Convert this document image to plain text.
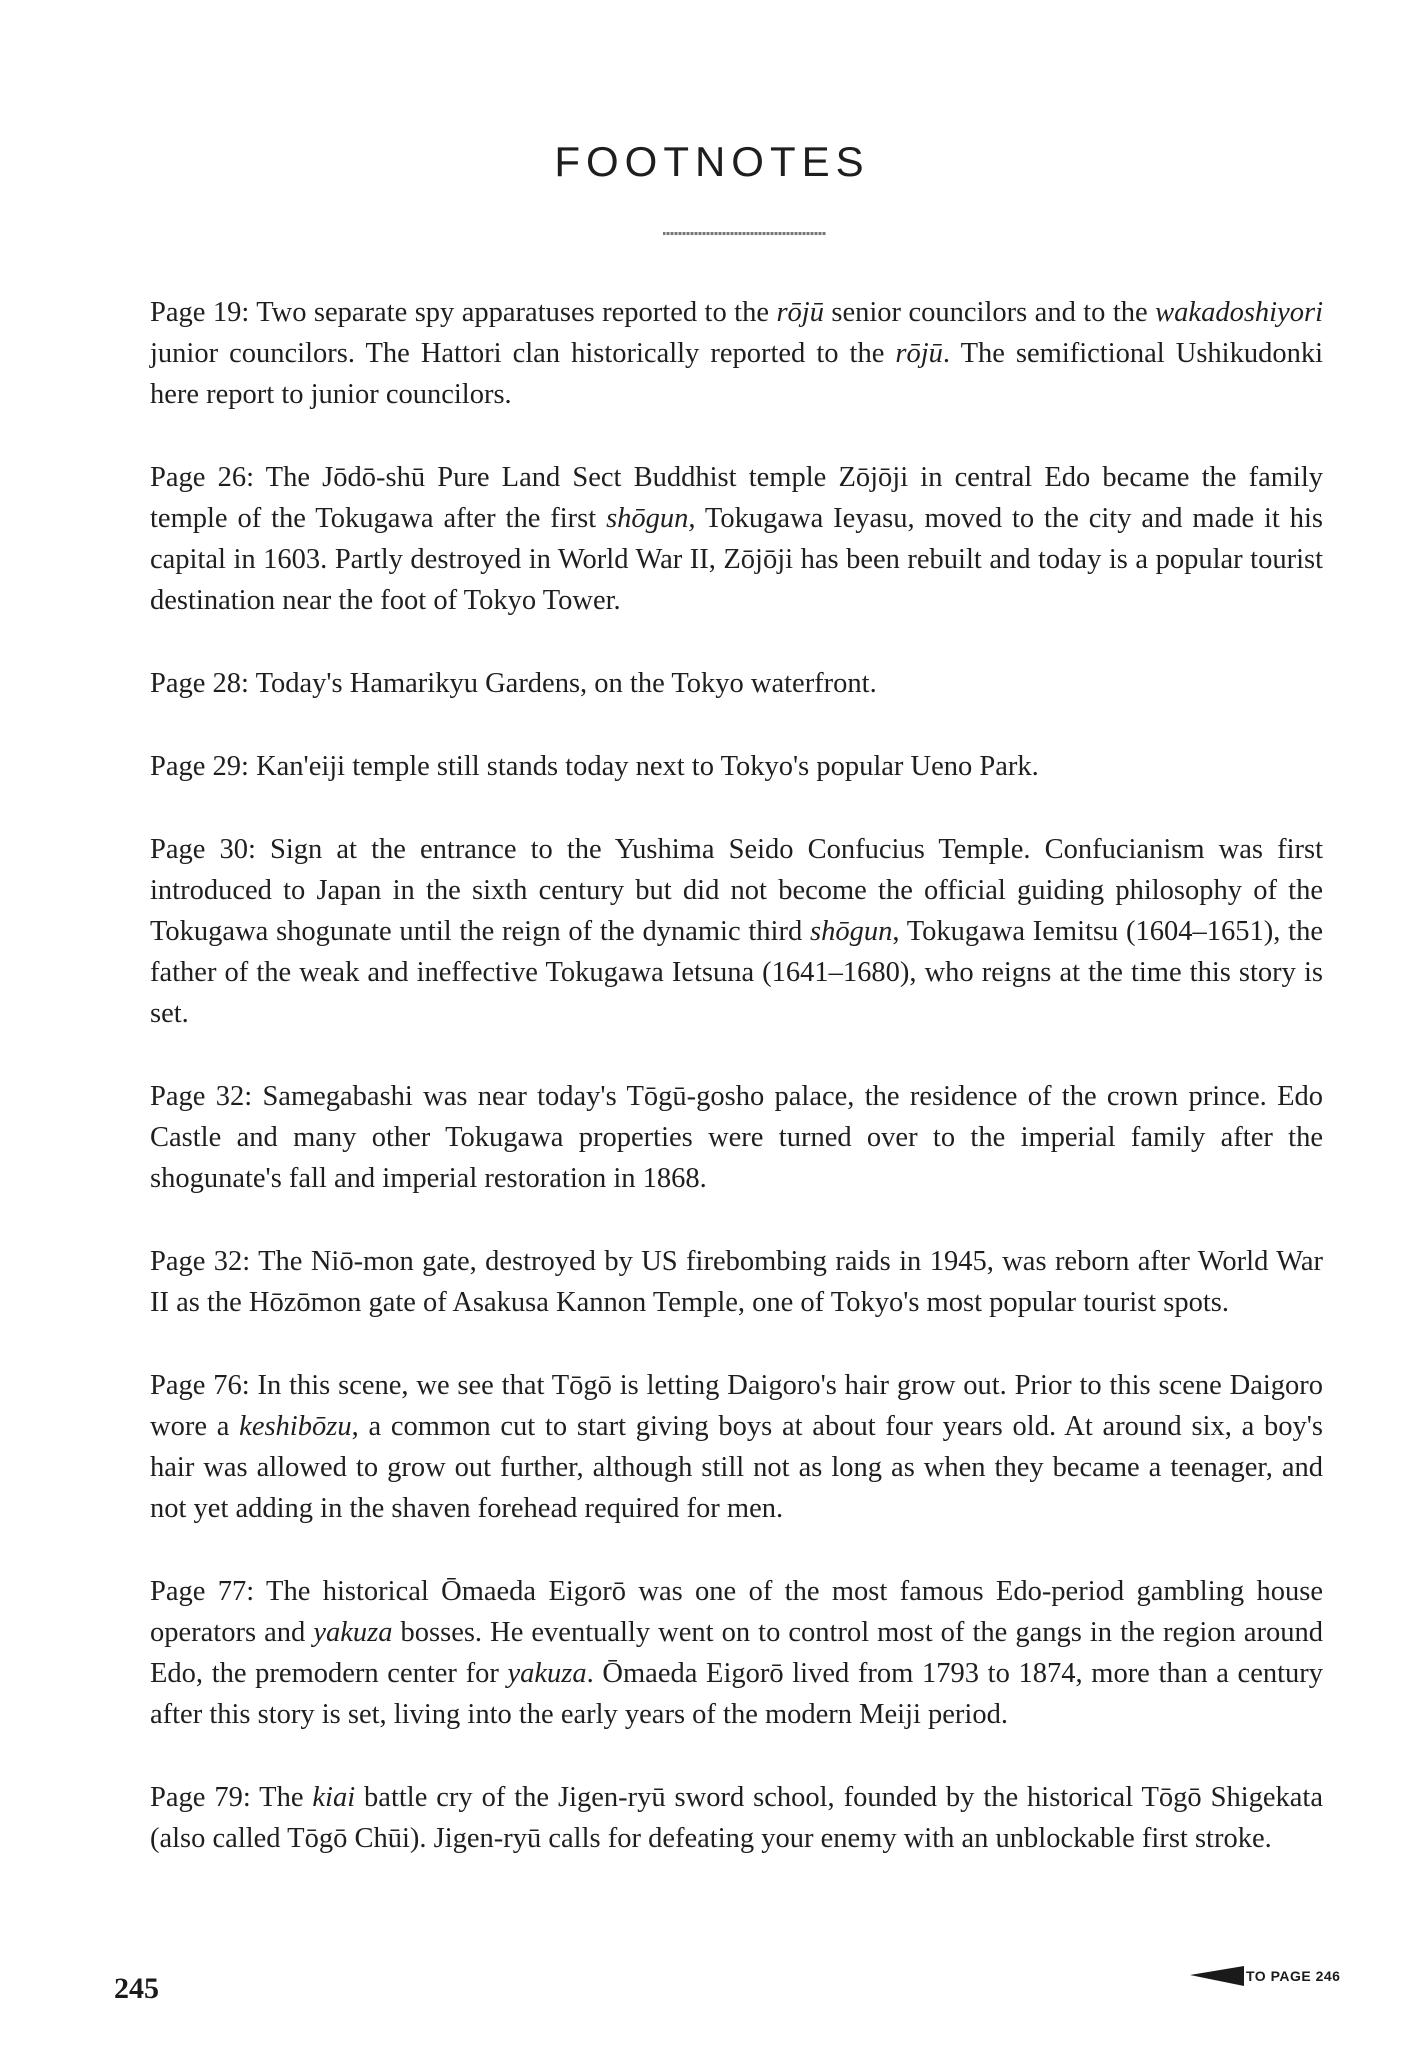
FOOTNOTES

Page 19: Two separate spy apparatuses reported to the rōjū senior councilors and to the wakadoshiyori junior councilors. The Hattori clan historically reported to the rōjū. The semifictional Ushikudonki here report to junior councilors.

Page 26: The Jōdō-shū Pure Land Sect Buddhist temple Zōjōji in central Edo became the family temple of the Tokugawa after the first shōgun, Tokugawa Ieyasu, moved to the city and made it his capital in 1603. Partly destroyed in World War II, Zōjōji has been rebuilt and today is a popular tourist destination near the foot of Tokyo Tower.

Page 28: Today's Hamarikyu Gardens, on the Tokyo waterfront.

Page 29: Kan'eiji temple still stands today next to Tokyo's popular Ueno Park.

Page 30: Sign at the entrance to the Yushima Seido Confucius Temple. Confucianism was first introduced to Japan in the sixth century but did not become the official guiding philosophy of the Tokugawa shogunate until the reign of the dynamic third shōgun, Tokugawa Iemitsu (1604–1651), the father of the weak and ineffective Tokugawa Ietsuna (1641–1680), who reigns at the time this story is set.

Page 32: Samegabashi was near today's Tōgū-gosho palace, the residence of the crown prince. Edo Castle and many other Tokugawa properties were turned over to the imperial family after the shogunate's fall and imperial restoration in 1868.

Page 32: The Niō-mon gate, destroyed by US firebombing raids in 1945, was reborn after World War II as the Hōzōmon gate of Asakusa Kannon Temple, one of Tokyo's most popular tourist spots.

Page 76: In this scene, we see that Tōgō is letting Daigoro's hair grow out. Prior to this scene Daigoro wore a keshibōzu, a common cut to start giving boys at about four years old. At around six, a boy's hair was allowed to grow out further, although still not as long as when they became a teenager, and not yet adding in the shaven forehead required for men.

Page 77: The historical Ōmaeda Eigorō was one of the most famous Edo-period gambling house operators and yakuza bosses. He eventually went on to control most of the gangs in the region around Edo, the premodern center for yakuza. Ōmaeda Eigorō lived from 1793 to 1874, more than a century after this story is set, living into the early years of the modern Meiji period.

Page 79: The kiai battle cry of the Jigen-ryū sword school, founded by the historical Tōgō Shigekata (also called Tōgō Chūi). Jigen-ryū calls for defeating your enemy with an unblockable first stroke.

245	TO PAGE 246
